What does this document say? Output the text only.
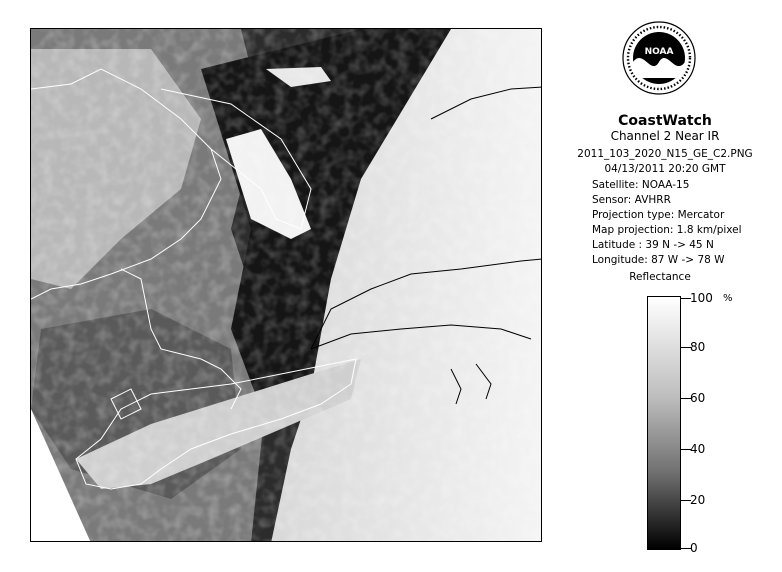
NOAA
CoastWatch
Channel 2 Near IR
2011_103_2020_N15_GE_C2.PNG
04/13/2011 20:20 GMT
Satellite: NOAA-15
Sensor: AVHRR
Projection type: Mercator
Map projection: 1.8 km/pixel
Latitude : 39 N -> 45 N
Longitude: 87 W -> 78 W
Reflectance
%
100
80
60
40
20
0
